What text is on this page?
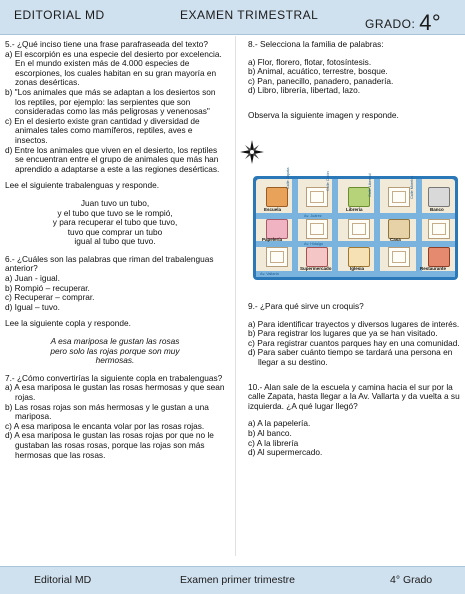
EDITORIAL MD	EXAMEN TRIMESTRAL
GRADO: 4°

5.- ¿Qué inciso tiene una frase parafraseada del texto?

a) El escorpión es una especie del desierto por excelencia. En el mundo existen más de 4.000 especies de escorpiones, los cuales habitan en su gran mayoría en zonas desérticas.

b) "Los animales que más se adaptan a los desiertos son los reptiles, por ejemplo: las serpientes que son consideradas como las más peligrosas y venenosas"

c) En el desierto existe gran cantidad y diversidad de animales tales como mamíferos, reptiles, aves e insectos.

d) Entre los animales que viven en el desierto, los reptiles se encuentran entre el grupo de animales que más han aprendido a adaptarse a este a las regiones desérticas.

Lee el siguiente trabalenguas y responde.

Juan tuvo un tubo,

y el tubo que tuvo se le rompió,

y para recuperar el tubo que tuvo,

tuvo que comprar un tubo

igual al tubo que tuvo.

6.- ¿Cuáles son las palabras que riman del trabalenguas anterior?

a) Juan - igual.

b) Rompió – recuperar.

c) Recuperar – comprar.

d) Igual – tuvo.

Lee la siguiente copla y responde.

A esa mariposa le gustan las rosas

pero solo las rojas porque son muy

hermosas.

7.- ¿Cómo convertirías la siguiente copla en trabalenguas?

a) A esa mariposa le gustan las rosas hermosas y que sean rojas.

b) Las rosas rojas son más hermosas y le gustan a una mariposa.

c) A esa mariposa le encanta volar por las rosas rojas.

d) A esa mariposa le gustan las rosas rojas por que no le gustaban las rosas rosas, porque las rojas son más hermosas que las rosas.

8.- Selecciona la familia de palabras:

a) Flor, florero, flotar, fotosíntesis.

b) Animal, acuático, terrestre, bosque.

c) Pan, panecillo, panadero, panadería.

d) Libro, librería, libertad, lazo.

Observa la siguiente imagen y responde.

Escuela	Librería	Banco
Papelería	Casa
Supermercado	Iglesia	Restaurante
Av. Juárez
Av. Hidalgo
Av. Vallarta
Calle Zapata	Calle Colón	Calle Libertad	Calle Morelos

9.- ¿Para qué sirve un croquis?

a) Para identificar trayectos y diversos lugares de interés.

b) Para registrar los lugares que ya se han visitado.

c) Para registrar cuantos parques hay en una comunidad.

d) Para saber cuánto tiempo se tardará una persona en llegar a su destino.

10.- Alan sale de la escuela y camina hacia el sur por la calle Zapata, hasta llegar a la Av. Vallarta y da vuelta a su izquierda. ¿A qué lugar llegó?

a) A la papelería.

b) Al banco.

c) A la librería

d) Al supermercado.

Editorial MD	Examen primer trimestre	4° Grado
